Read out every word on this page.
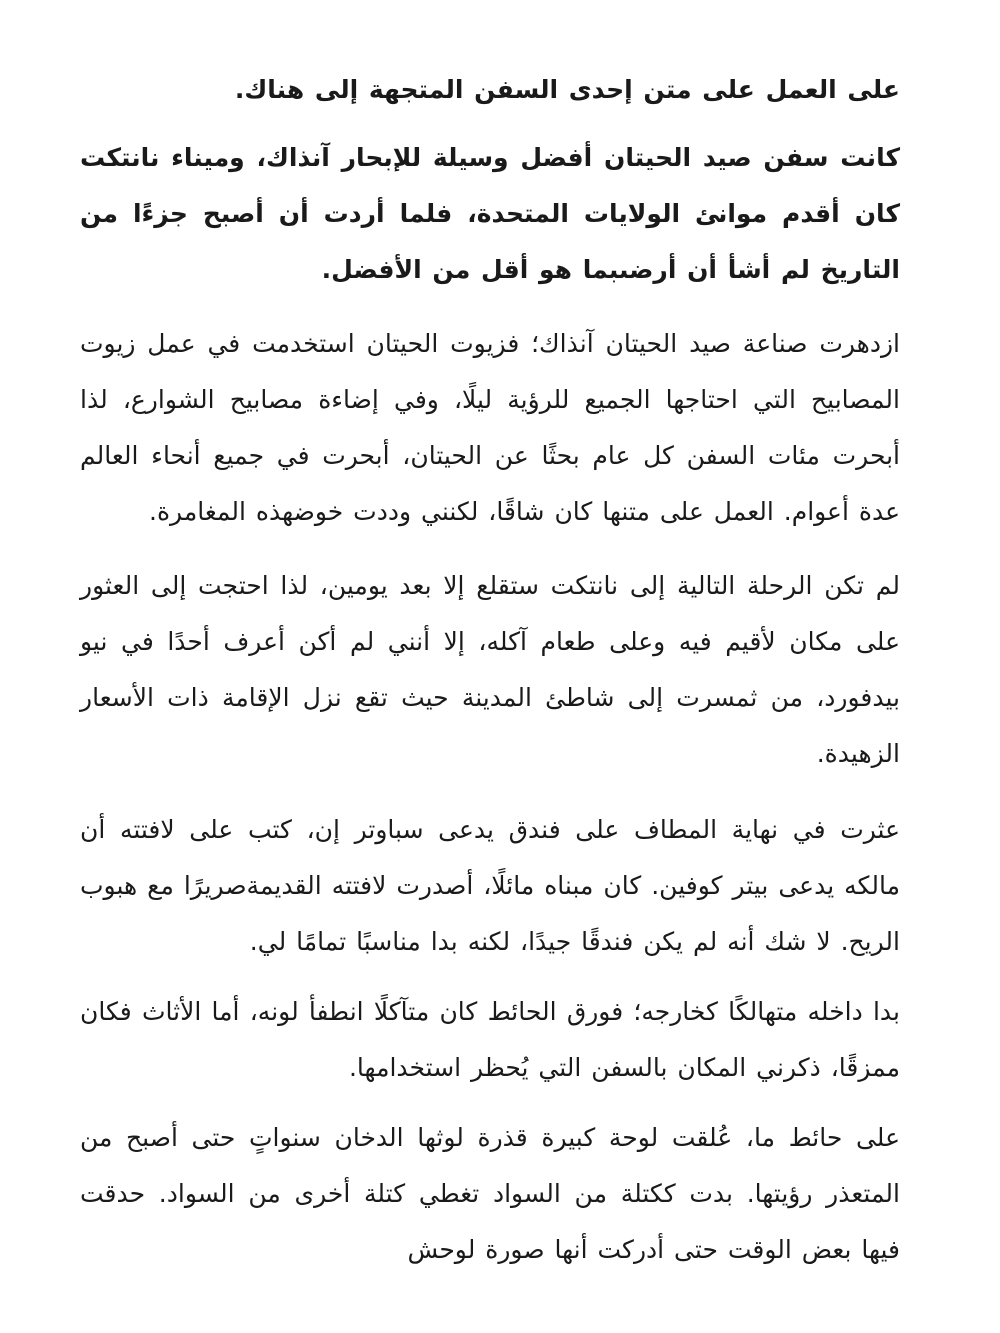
على العمل على متن إحدى السفن المتجهة إلى هناك.

كانت سفن صيد الحيتان أفضل وسيلة للإبحار آنذاك، وميناء نانتكت كان أقدم موانئ الولايات المتحدة، فلما أردت أن أصبح جزءًا من التاريخ لم أشأ أن أرضىبما هو أقل من الأفضل.

ازدهرت صناعة صيد الحيتان آنذاك؛ فزيوت الحيتان استخدمت في عمل زيوت المصابيح التي احتاجها الجميع للرؤية ليلًا، وفي إضاءة مصابيح الشوارع، لذا أبحرت مئات السفن كل عام بحثًا عن الحيتان، أبحرت في جميع أنحاء العالم عدة أعوام. العمل على متنها كان شاقًا، لكنني وددت خوضهذه المغامرة.

لم تكن الرحلة التالية إلى نانتكت ستقلع إلا بعد يومين، لذا احتجت إلى العثور على مكان لأقيم فيه وعلى طعام آكله، إلا أنني لم أكن أعرف أحدًا في نيو بيدفورد، من ثمسرت إلى شاطئ المدينة حيث تقع نزل الإقامة ذات الأسعار الزهيدة.

عثرت في نهاية المطاف على فندق يدعى سباوتر إن، كتب على لافتته أن مالكه يدعى بيتر كوفين. كان مبناه مائلًا، أصدرت لافتته القديمةصريرًا مع هبوب الريح. لا شك أنه لم يكن فندقًا جيدًا، لكنه بدا مناسبًا تمامًا لي.

بدا داخله متهالكًا كخارجه؛ فورق الحائط كان متآكلًا انطفأ لونه، أما الأثاث فكان ممزقًا، ذكرني المكان بالسفن التي يُحظر استخدامها.

على حائط ما، عُلقت لوحة كبيرة قذرة لوثها الدخان سنواتٍ حتى أصبح من المتعذر رؤيتها. بدت ككتلة من السواد تغطي كتلة أخرى من السواد. حدقت فيها بعض الوقت حتى أدركت أنها صورة لوحش
